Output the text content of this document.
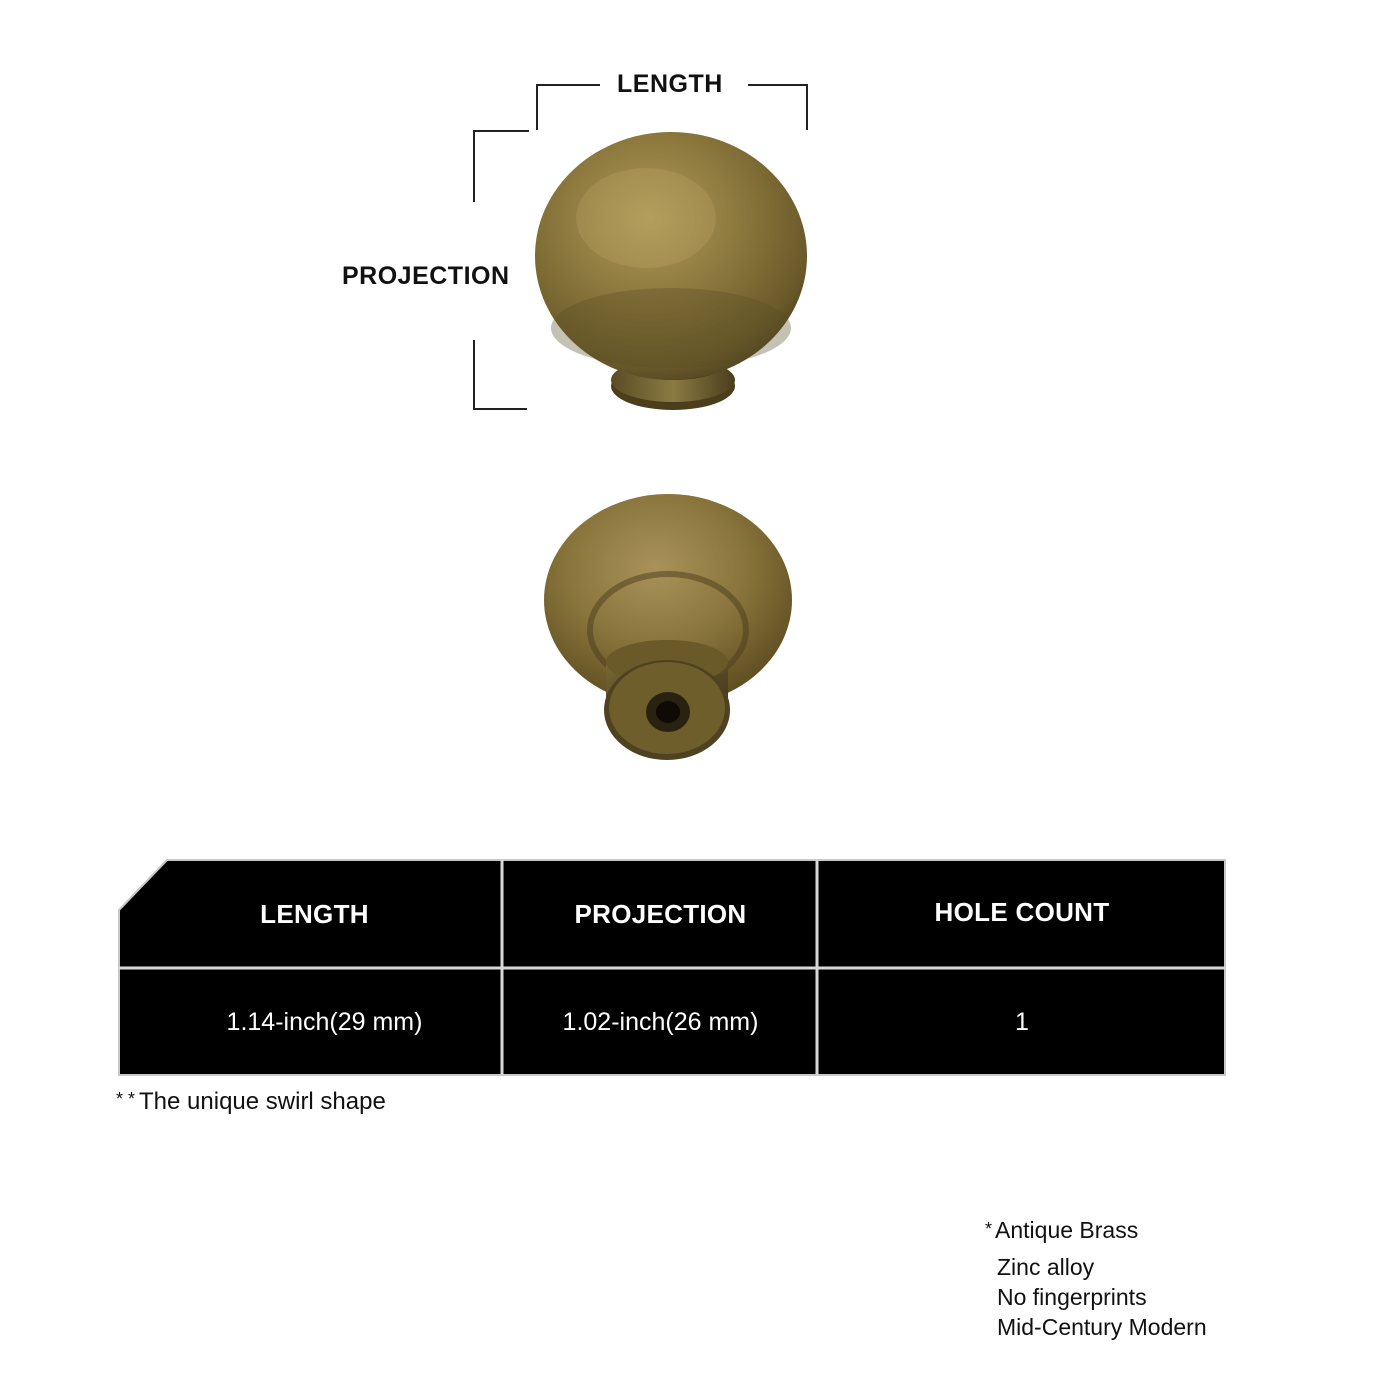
LENGTH
PROJECTION
LENGTH	PROJECTION	HOLE COUNT
1.14-inch(29 mm)	1.02-inch(26 mm)	1
* * The unique swirl shape
* Antique Brass
Zinc alloy
No fingerprints
Mid-Century Modern
